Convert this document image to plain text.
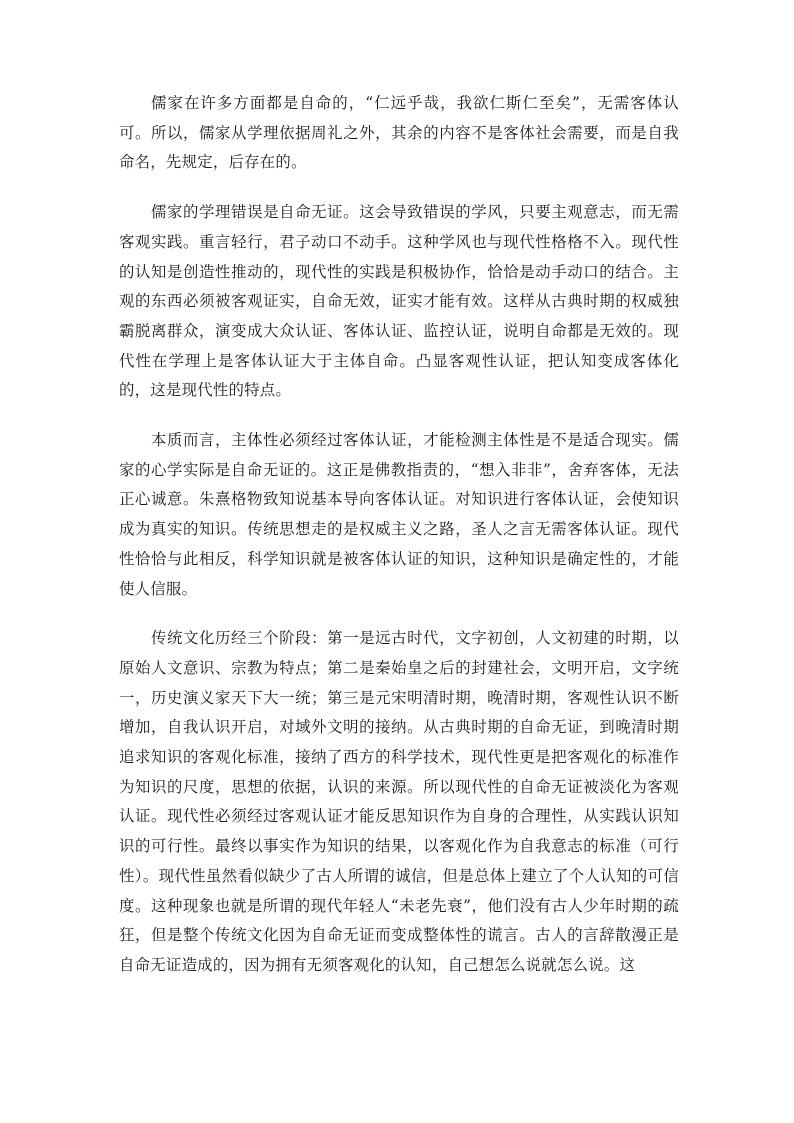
儒家在许多方面都是自命的，“仁远乎哉，我欲仁斯仁至矣”，无需客体认可。所以，儒家从学理依据周礼之外，其余的内容不是客体社会需要，而是自我命名，先规定，后存在的。

儒家的学理错误是自命无证。这会导致错误的学风，只要主观意志，而无需客观实践。重言轻行，君子动口不动手。这种学风也与现代性格格不入。现代性的认知是创造性推动的，现代性的实践是积极协作，恰恰是动手动口的结合。主观的东西必须被客观证实，自命无效，证实才能有效。这样从古典时期的权威独霸脱离群众，演变成大众认证、客体认证、监控认证，说明自命都是无效的。现代性在学理上是客体认证大于主体自命。凸显客观性认证，把认知变成客体化的，这是现代性的特点。

本质而言，主体性必须经过客体认证，才能检测主体性是不是适合现实。儒家的心学实际是自命无证的。这正是佛教指责的，“想入非非”，舍弃客体，无法正心诚意。朱熹格物致知说基本导向客体认证。对知识进行客体认证，会使知识成为真实的知识。传统思想走的是权威主义之路，圣人之言无需客体认证。现代性恰恰与此相反，科学知识就是被客体认证的知识，这种知识是确定性的，才能使人信服。

传统文化历经三个阶段：第一是远古时代，文字初创，人文初建的时期，以原始人文意识、宗教为特点；第二是秦始皇之后的封建社会，文明开启，文字统一，历史演义家天下大一统；第三是元宋明清时期，晚清时期，客观性认识不断增加，自我认识开启，对域外文明的接纳。从古典时期的自命无证，到晚清时期追求知识的客观化标准，接纳了西方的科学技术，现代性更是把客观化的标准作为知识的尺度，思想的依据，认识的来源。所以现代性的自命无证被淡化为客观认证。现代性必须经过客观认证才能反思知识作为自身的合理性，从实践认识知识的可行性。最终以事实作为知识的结果，以客观化作为自我意志的标准（可行性）。现代性虽然看似缺少了古人所谓的诚信，但是总体上建立了个人认知的可信度。这种现象也就是所谓的现代年轻人“未老先衰”，他们没有古人少年时期的疏狂，但是整个传统文化因为自命无证而变成整体性的谎言。古人的言辞散漫正是自命无证造成的，因为拥有无须客观化的认知，自己想怎么说就怎么说。这
